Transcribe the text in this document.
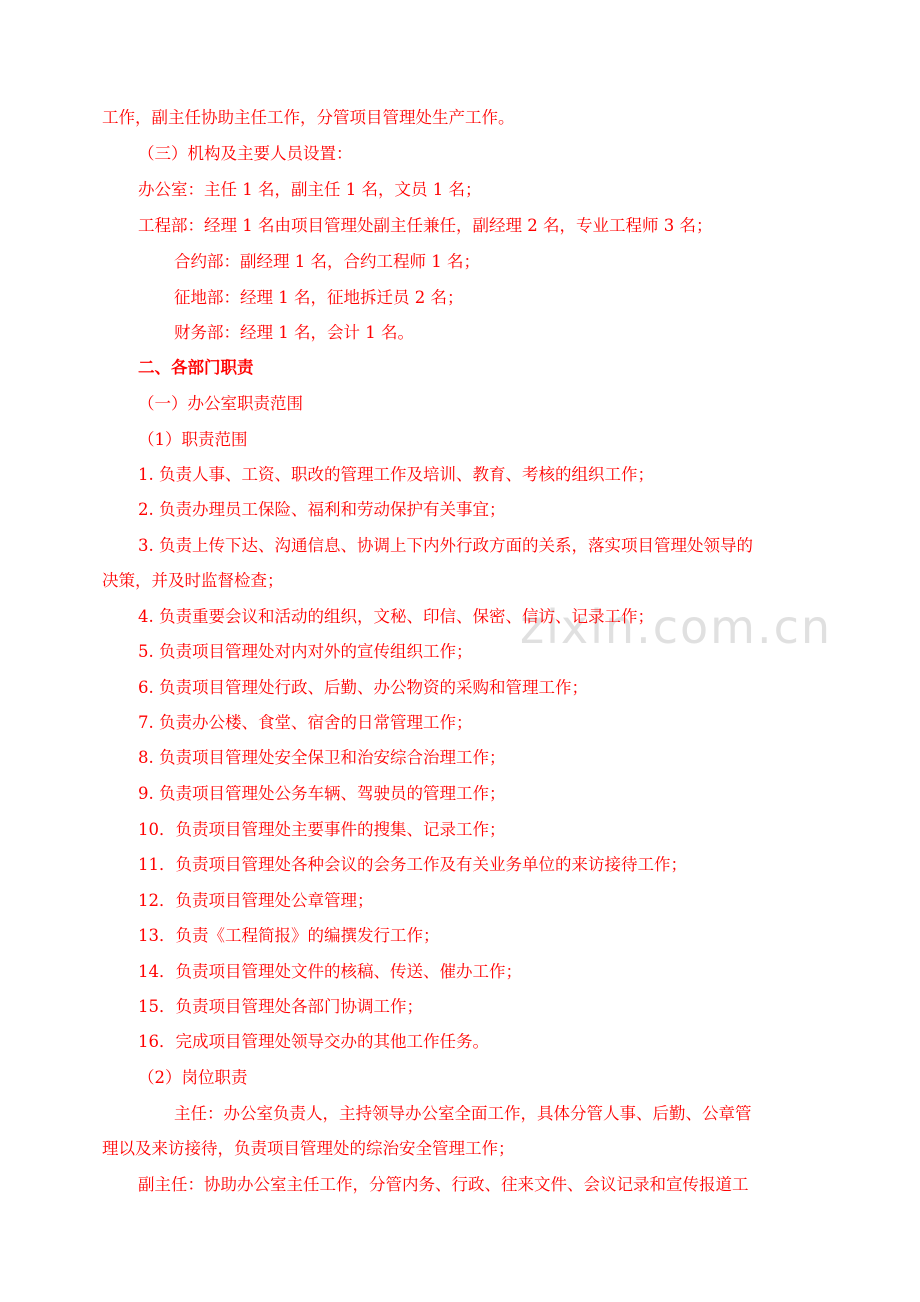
zixin.com.cn
工作，副主任协助主任工作，分管项目管理处生产工作。
（三）机构及主要人员设置：
办公室：主任 1 名，副主任 1 名，文员 1 名；
工程部：经理 1 名由项目管理处副主任兼任，副经理 2 名，专业工程师 3 名；
合约部：副经理 1 名，合约工程师 1 名；
征地部：经理 1 名，征地拆迁员 2 名；
财务部：经理 1 名，会计 1 名。
二、各部门职责
（一）办公室职责范围
（1）职责范围
1. 负责人事、工资、职改的管理工作及培训、教育、考核的组织工作；
2. 负责办理员工保险、福利和劳动保护有关事宜；
3. 负责上传下达、沟通信息、协调上下内外行政方面的关系，落实项目管理处领导的
决策，并及时监督检查；
4. 负责重要会议和活动的组织，文秘、印信、保密、信访、记录工作；
5. 负责项目管理处对内对外的宣传组织工作；
6. 负责项目管理处行政、后勤、办公物资的采购和管理工作；
7. 负责办公楼、食堂、宿舍的日常管理工作；
8. 负责项目管理处安全保卫和治安综合治理工作；
9. 负责项目管理处公务车辆、驾驶员的管理工作；
10．负责项目管理处主要事件的搜集、记录工作；
11．负责项目管理处各种会议的会务工作及有关业务单位的来访接待工作；
12．负责项目管理处公章管理；
13．负责《工程简报》的编撰发行工作；
14．负责项目管理处文件的核稿、传送、催办工作；
15．负责项目管理处各部门协调工作；
16．完成项目管理处领导交办的其他工作任务。
（2）岗位职责
主任：办公室负责人，主持领导办公室全面工作，具体分管人事、后勤、公章管
理以及来访接待，负责项目管理处的综治安全管理工作；
副主任：协助办公室主任工作，分管内务、行政、往来文件、会议记录和宣传报道工
